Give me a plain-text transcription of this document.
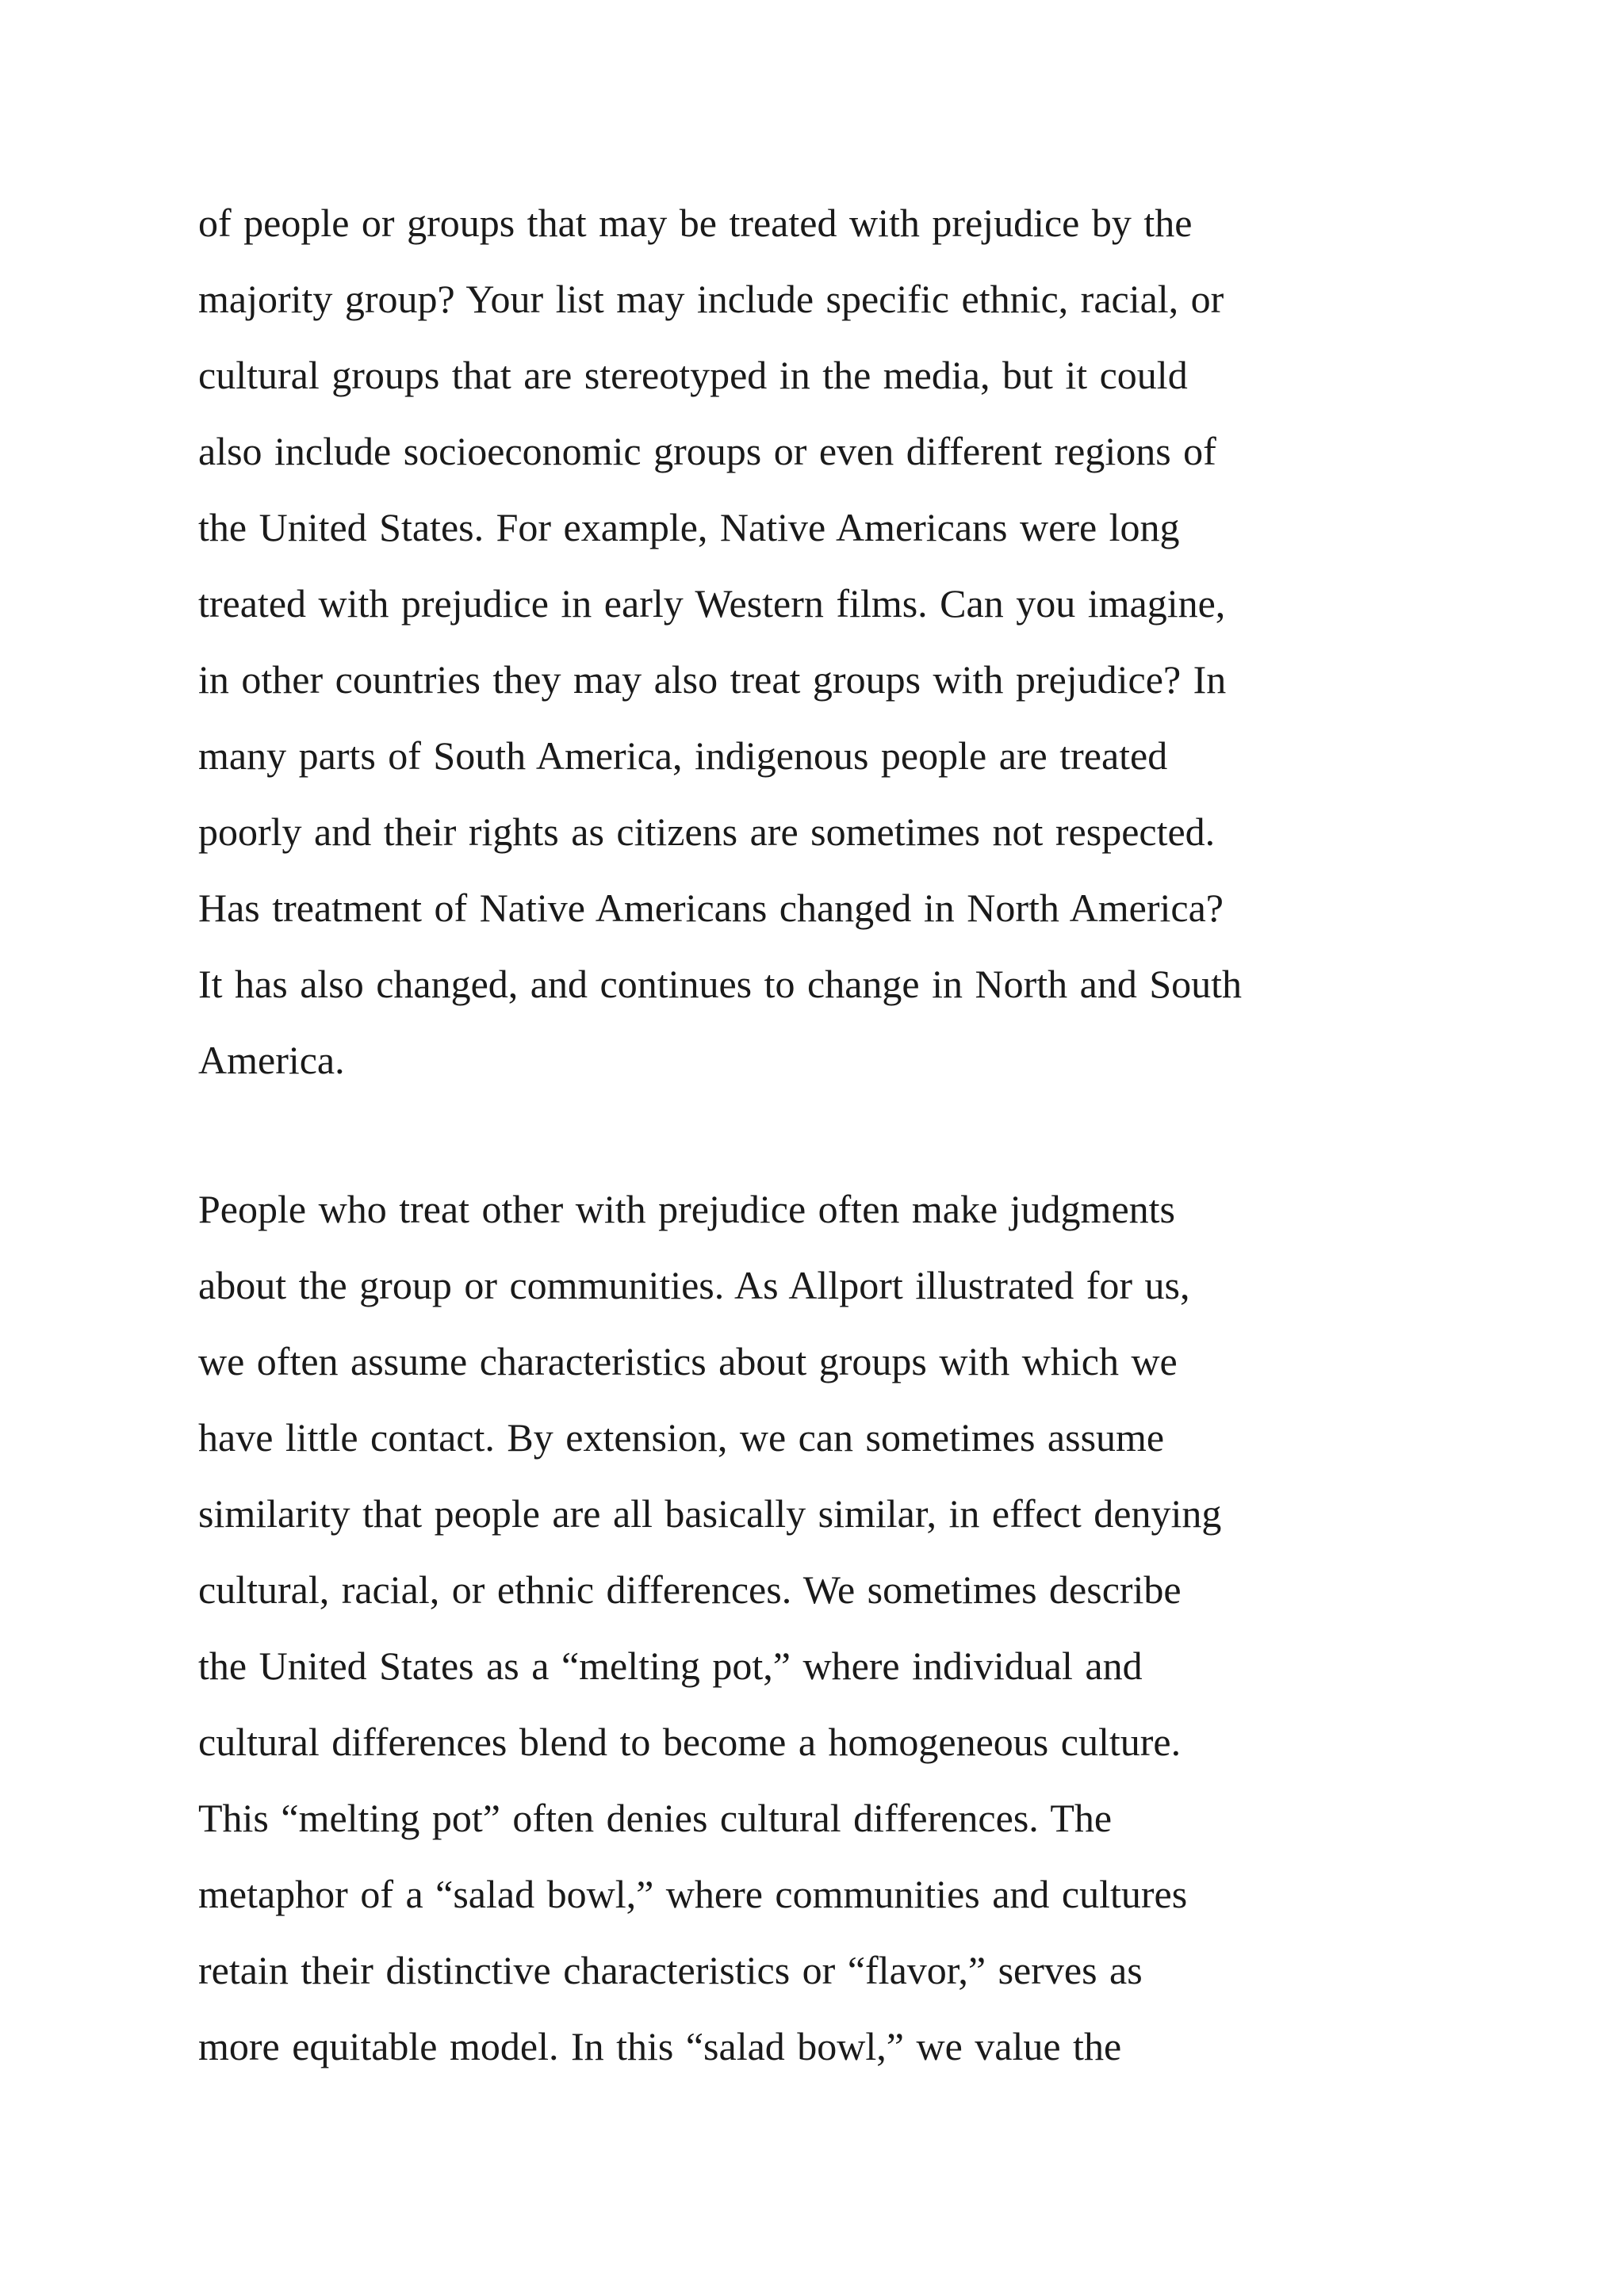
of people or groups that may be treated with prejudice by the
majority group? Your list may include specific ethnic, racial, or
cultural groups that are stereotyped in the media, but it could
also include socioeconomic groups or even different regions of
the United States. For example, Native Americans were long
treated with prejudice in early Western films. Can you imagine,
in other countries they may also treat groups with prejudice? In
many parts of South America, indigenous people are treated
poorly and their rights as citizens are sometimes not respected.
Has treatment of Native Americans changed in North America?
It has also changed, and continues to change in North and South
America.
People who treat other with prejudice often make judgments
about the group or communities. As Allport illustrated for us,
we often assume characteristics about groups with which we
have little contact. By extension, we can sometimes assume
similarity that people are all basically similar, in effect denying
cultural, racial, or ethnic differences. We sometimes describe
the United States as a “melting pot,” where individual and
cultural differences blend to become a homogeneous culture.
This “melting pot” often denies cultural differences. The
metaphor of a “salad bowl,” where communities and cultures
retain their distinctive characteristics or “flavor,” serves as
more equitable model. In this “salad bowl,” we value the
